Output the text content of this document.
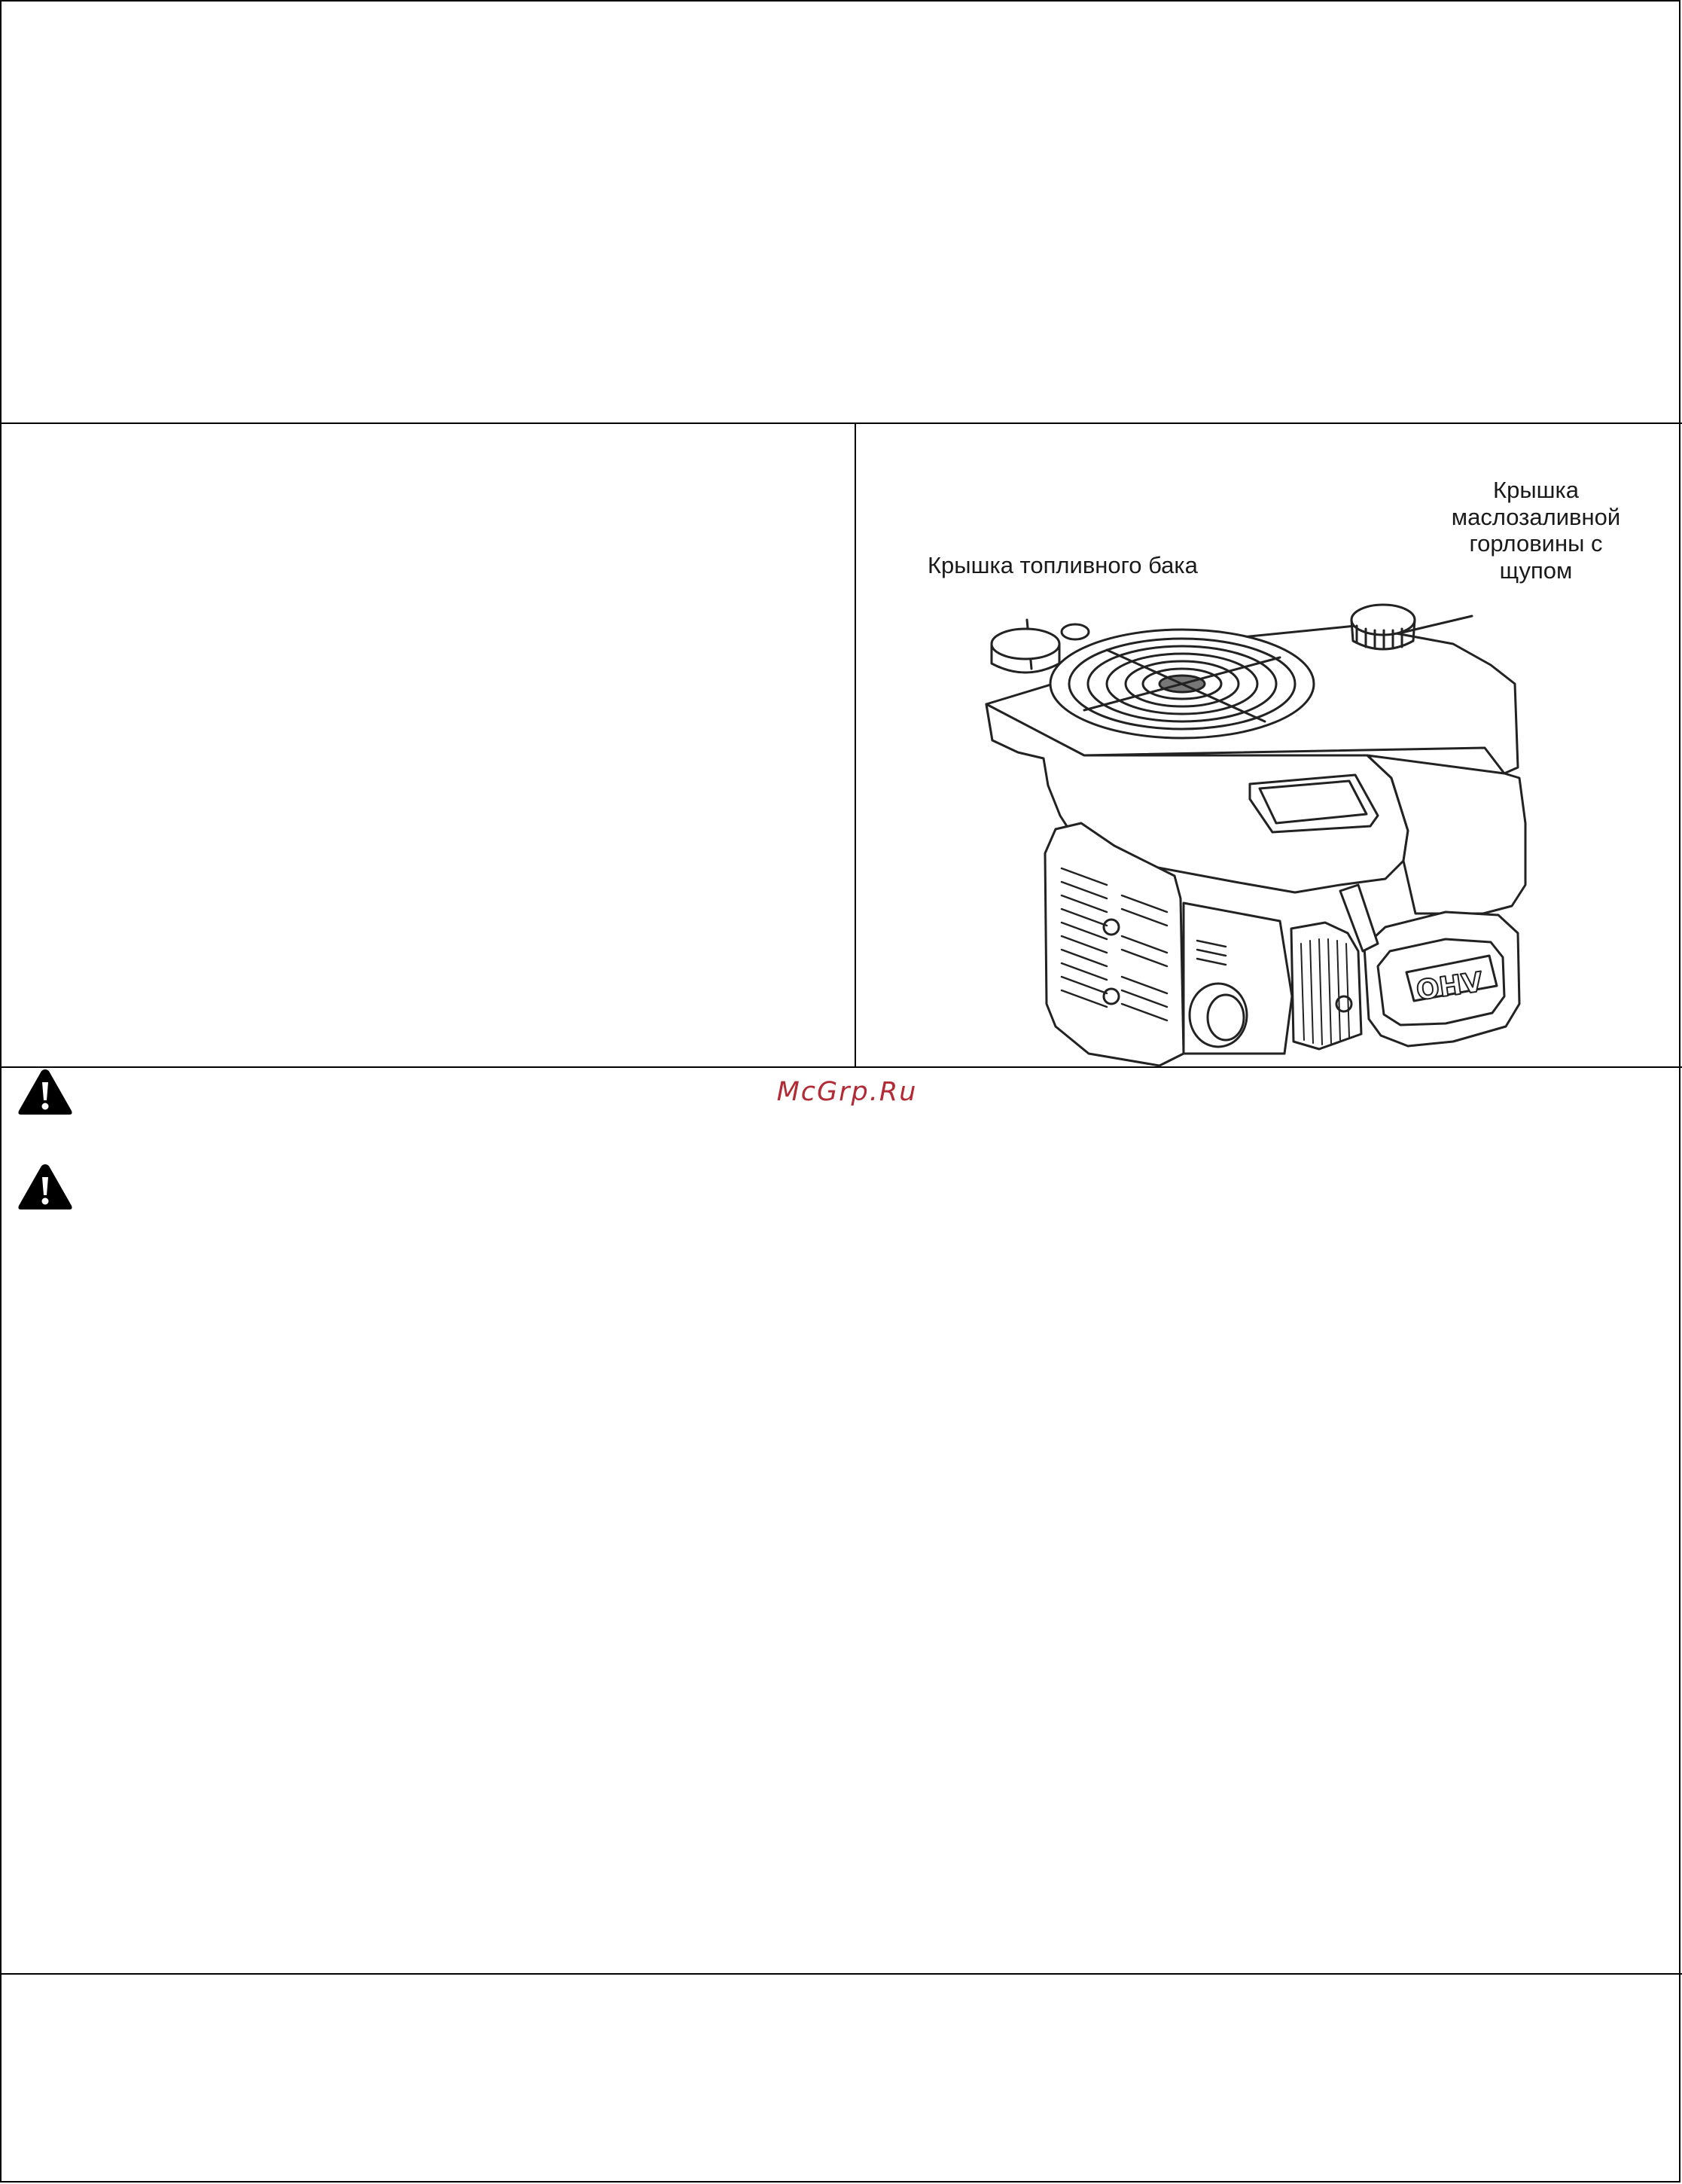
Крышка топливного бака
Крышка
маслозаливной
горловины с
щупом
OHV
McGrp.Ru
